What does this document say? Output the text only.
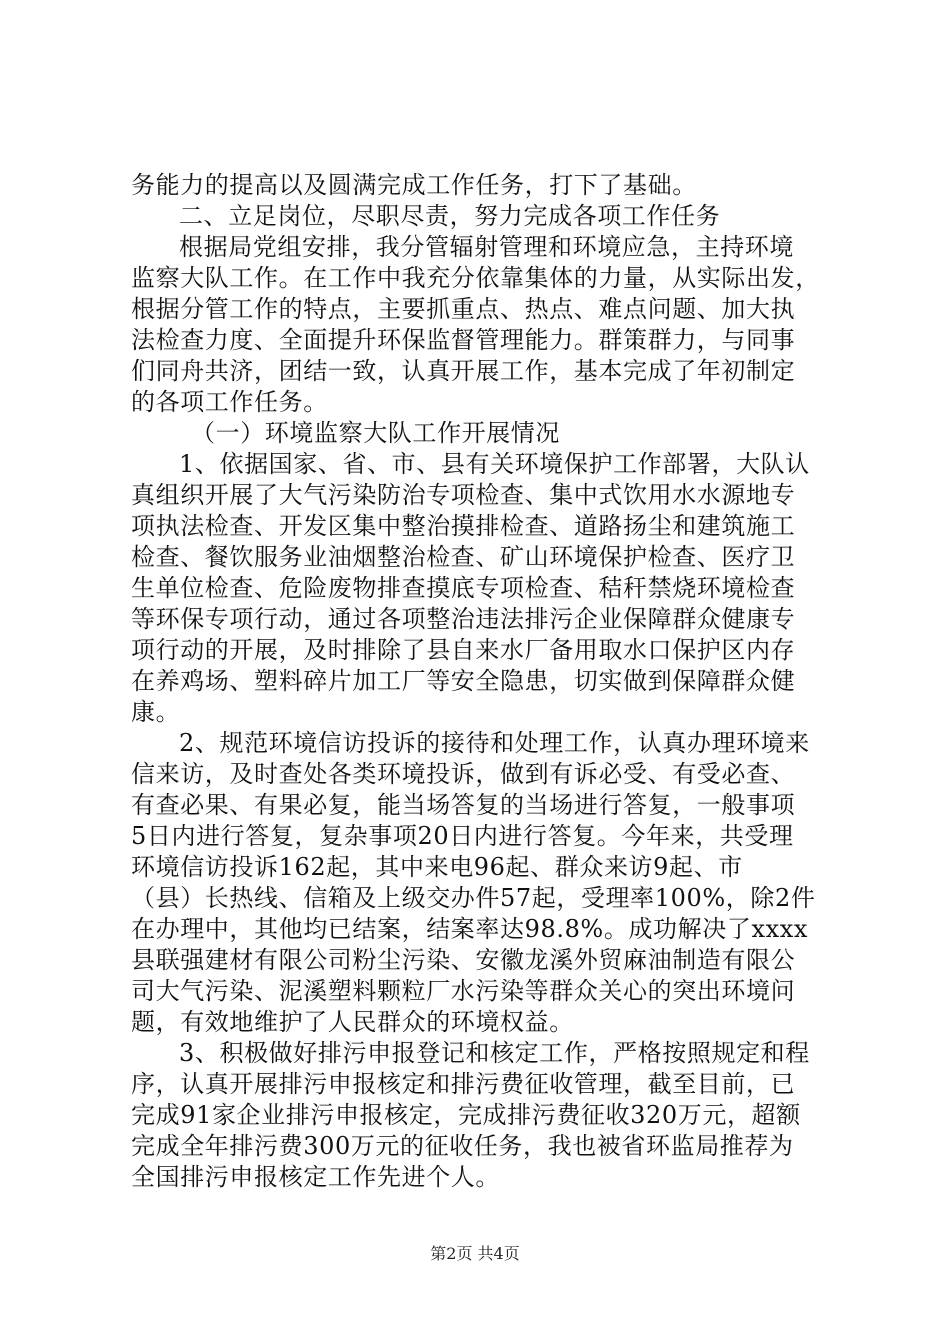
务能力的提高以及圆满完成工作任务，打下了基础。
二、立足岗位，尽职尽责，努力完成各项工作任务
根据局党组安排，我分管辐射管理和环境应急，主持环境
监察大队工作。在工作中我充分依靠集体的力量，从实际出发，
根据分管工作的特点，主要抓重点、热点、难点问题、加大执
法检查力度、全面提升环保监督管理能力。群策群力，与同事
们同舟共济，团结一致，认真开展工作，基本完成了年初制定
的各项工作任务。
（一）环境监察大队工作开展情况
1、依据国家、省、市、县有关环境保护工作部署，大队认
真组织开展了大气污染防治专项检查、集中式饮用水水源地专
项执法检查、开发区集中整治摸排检查、道路扬尘和建筑施工
检查、餐饮服务业油烟整治检查、矿山环境保护检查、医疗卫
生单位检查、危险废物排查摸底专项检查、秸秆禁烧环境检查
等环保专项行动，通过各项整治违法排污企业保障群众健康专
项行动的开展，及时排除了县自来水厂备用取水口保护区内存
在养鸡场、塑料碎片加工厂等安全隐患，切实做到保障群众健
康。
2、规范环境信访投诉的接待和处理工作，认真办理环境来
信来访，及时查处各类环境投诉，做到有诉必受、有受必查、
有查必果、有果必复，能当场答复的当场进行答复，一般事项
5日内进行答复，复杂事项20日内进行答复。今年来，共受理
环境信访投诉162起，其中来电96起、群众来访9起、市
（县）长热线、信箱及上级交办件57起，受理率100%，除2件
在办理中，其他均已结案，结案率达98.8%。成功解决了xxxx
县联强建材有限公司粉尘污染、安徽龙溪外贸麻油制造有限公
司大气污染、泥溪塑料颗粒厂水污染等群众关心的突出环境问
题，有效地维护了人民群众的环境权益。
3、积极做好排污申报登记和核定工作，严格按照规定和程
序，认真开展排污申报核定和排污费征收管理，截至目前，已
完成91家企业排污申报核定，完成排污费征收320万元，超额
完成全年排污费300万元的征收任务，我也被省环监局推荐为
全国排污申报核定工作先进个人。
第2页 共4页
